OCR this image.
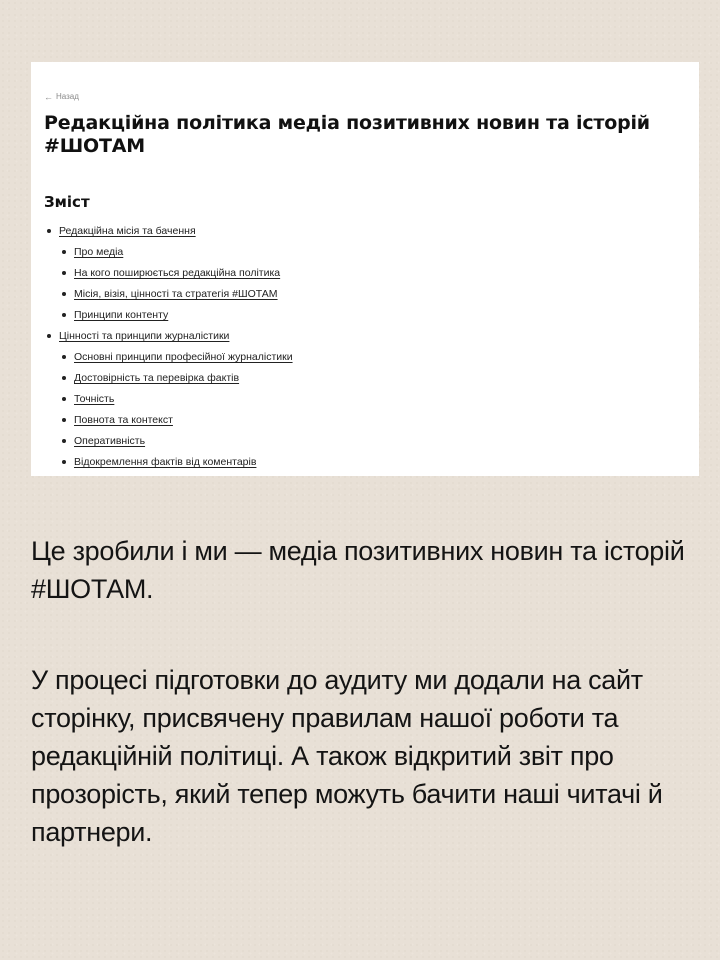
← Назад
Редакційна політика медіа позитивних новин та історій #ШОТАМ
Зміст
Редакційна місія та бачення
Про медіа
На кого поширюється редакційна політика
Місія, візія, цінності та стратегія #ШОТАМ
Принципи контенту
Цінності та принципи журналістики
Основні принципи професійної журналістики
Достовірність та перевірка фактів
Точність
Повнота та контекст
Оперативність
Відокремлення фактів від коментарів

Це зробили і ми — медіа позитивних новин та історій #ШОТАМ.

У процесі підготовки до аудиту ми додали на сайт сторінку, присвячену правилам нашої роботи та редакційній політиці. А також відкритий звіт про прозорість, який тепер можуть бачити наші читачі й партнери.
